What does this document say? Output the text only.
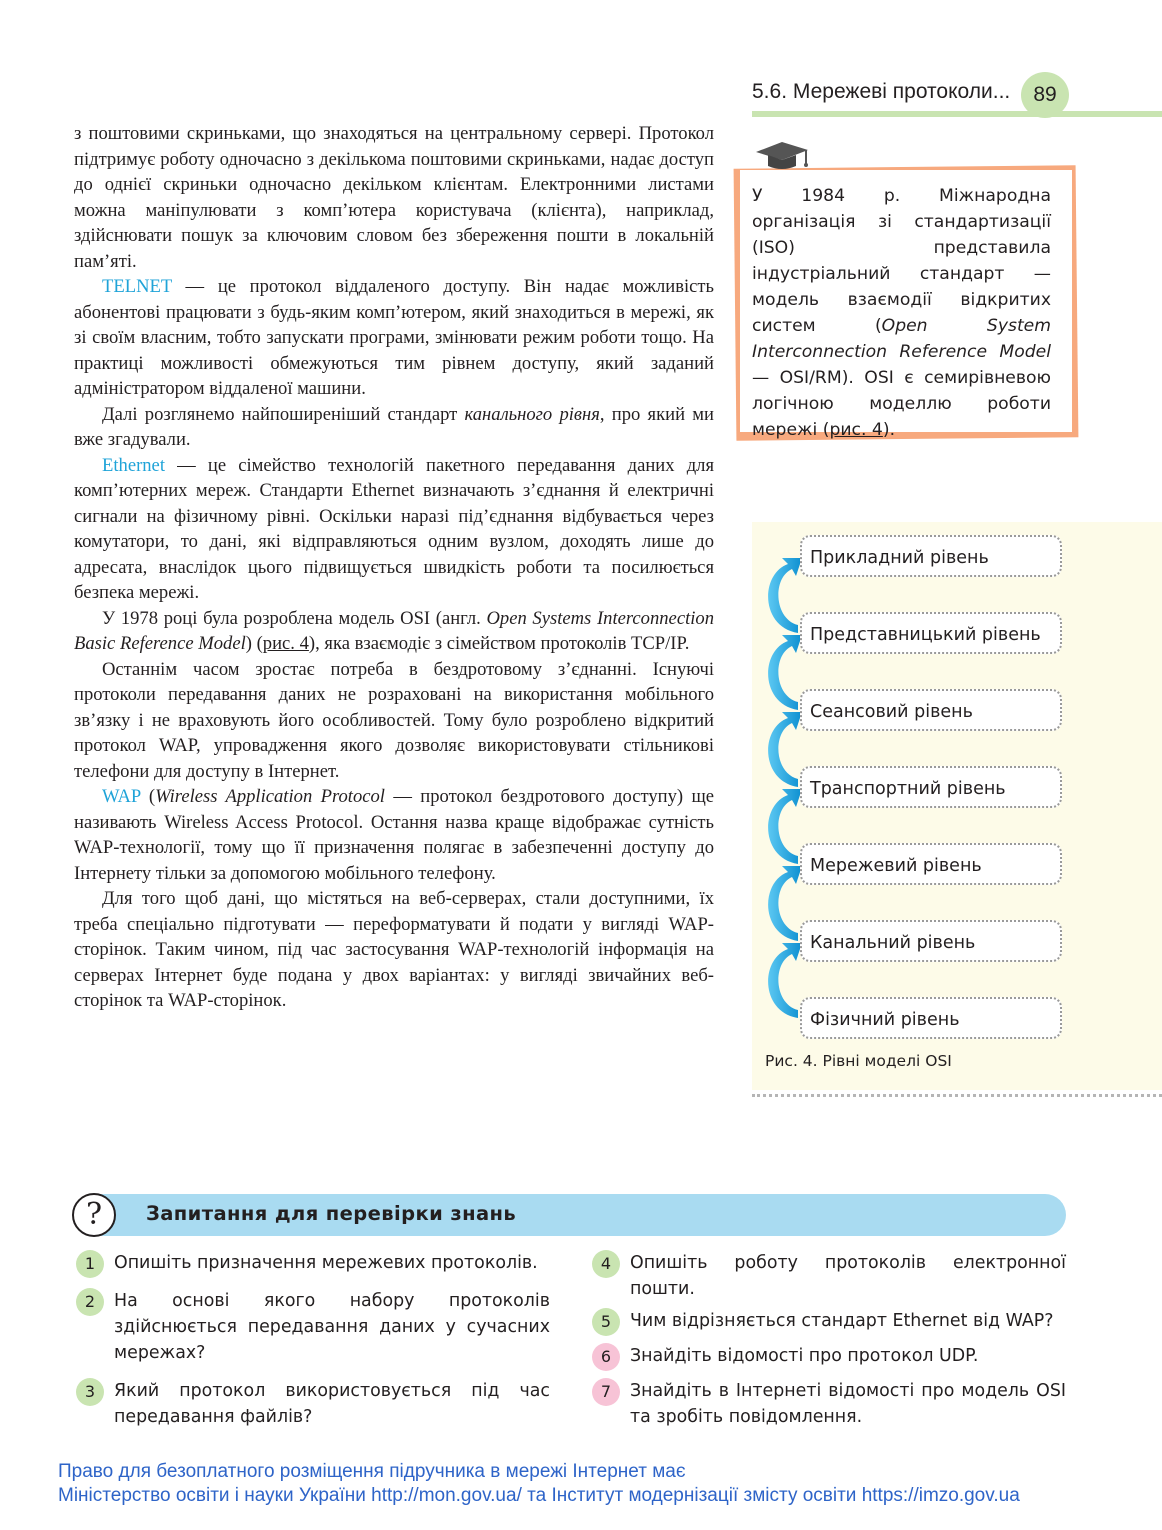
5.6. Мережеві протоколи...	89

з поштовими скриньками, що знаходяться на центральному сервері. Протокол підтримує роботу одночасно з декількома поштовими скриньками, надає доступ до однієї скриньки одночасно декільком клієнтам. Електронними листами можна маніпулювати з комп’ютера користувача (клієнта), наприклад, здійснювати пошук за ключовим словом без збереження пошти в локальній пам’яті.

TELNET — це протокол віддаленого доступу. Він надає можливість абонентові працювати з будь-яким комп’ютером, який знаходиться в мережі, як зі своїм власним, тобто запускати програми, змінювати режим роботи тощо. На практиці можливості обмежуються тим рівнем доступу, який заданий адміністратором віддаленої машини.

Далі розглянемо найпоширеніший стандарт канального рівня, про який ми вже згадували.

Ethernet — це сімейство технологій пакетного передавання даних для комп’ютерних мереж. Стандарти Ethernet визначають з’єднання й електричні сигнали на фізичному рівні. Оскільки наразі під’єднання відбувається через комутатори, то дані, які відправляються одним вузлом, доходять лише до адресата, внаслідок цього підвищується швидкість роботи та посилюється безпека мережі.

У 1978 році була розроблена модель OSI (англ. Open Systems Interconnection Basic Reference Model) (рис. 4), яка взаємодіє з сімейством протоколів TCP/IP.

Останнім часом зростає потреба в бездротовому з’єднанні. Існуючі протоколи передавання даних не розраховані на використання мобільного зв’язку і не враховують його особливостей. Тому було розроблено відкритий протокол WAP, упровадження якого дозволяє використовувати стільникові телефони для доступу в Інтернет.

WAP (Wireless Application Protocol — протокол бездротового доступу) ще називають Wireless Access Protocol. Остання назва краще відображає сутність WAP-технології, тому що її призначення полягає в забезпеченні доступу до Інтернету тільки за допомогою мобільного телефону.

Для того щоб дані, що містяться на веб-серверах, стали доступними, їх треба спеціально підготувати — переформатувати й подати у вигляді WAP-сторінок. Таким чином, під час застосування WAP-технологій інформація на серверах Інтернет буде подана у двох варіантах: у вигляді звичайних веб-сторінок та WAP-сторінок.

У 1984 р. Міжнародна організація зі стандартизації (ISO) представила індустріальний стандарт — модель взаємодії відкритих систем (Open System Interconnection Reference Model — OSI/RM). OSI є семирівневою логічною моделлю роботи мережі (рис. 4).
Прикладний рівень
Представницький рівень
Сеансовий рівень
Транспортний рівень
Мережевий рівень
Канальний рівень
Фізичний рівень
Рис. 4. Рівні моделі OSI
?	Запитання для перевірки знань
1	Опишіть призначення мережевих протоколів.
2	На основі якого набору протоколів здійснюється передавання даних у сучасних мережах?
3	Який протокол використовується під час передавання файлів?
4	Опишіть роботу протоколів електронної пошти.
5	Чим відрізняється стандарт Ethernet від WAP?
6	Знайдіть відомості про протокол UDP.
7	Знайдіть в Інтернеті відомості про модель OSI та зробіть повідомлення.
Право для безоплатного розміщення підручника в мережі Інтернет має
Міністерство освіти і науки України http://mon.gov.ua/ та Інститут модернізації змісту освіти https://imzo.gov.ua
